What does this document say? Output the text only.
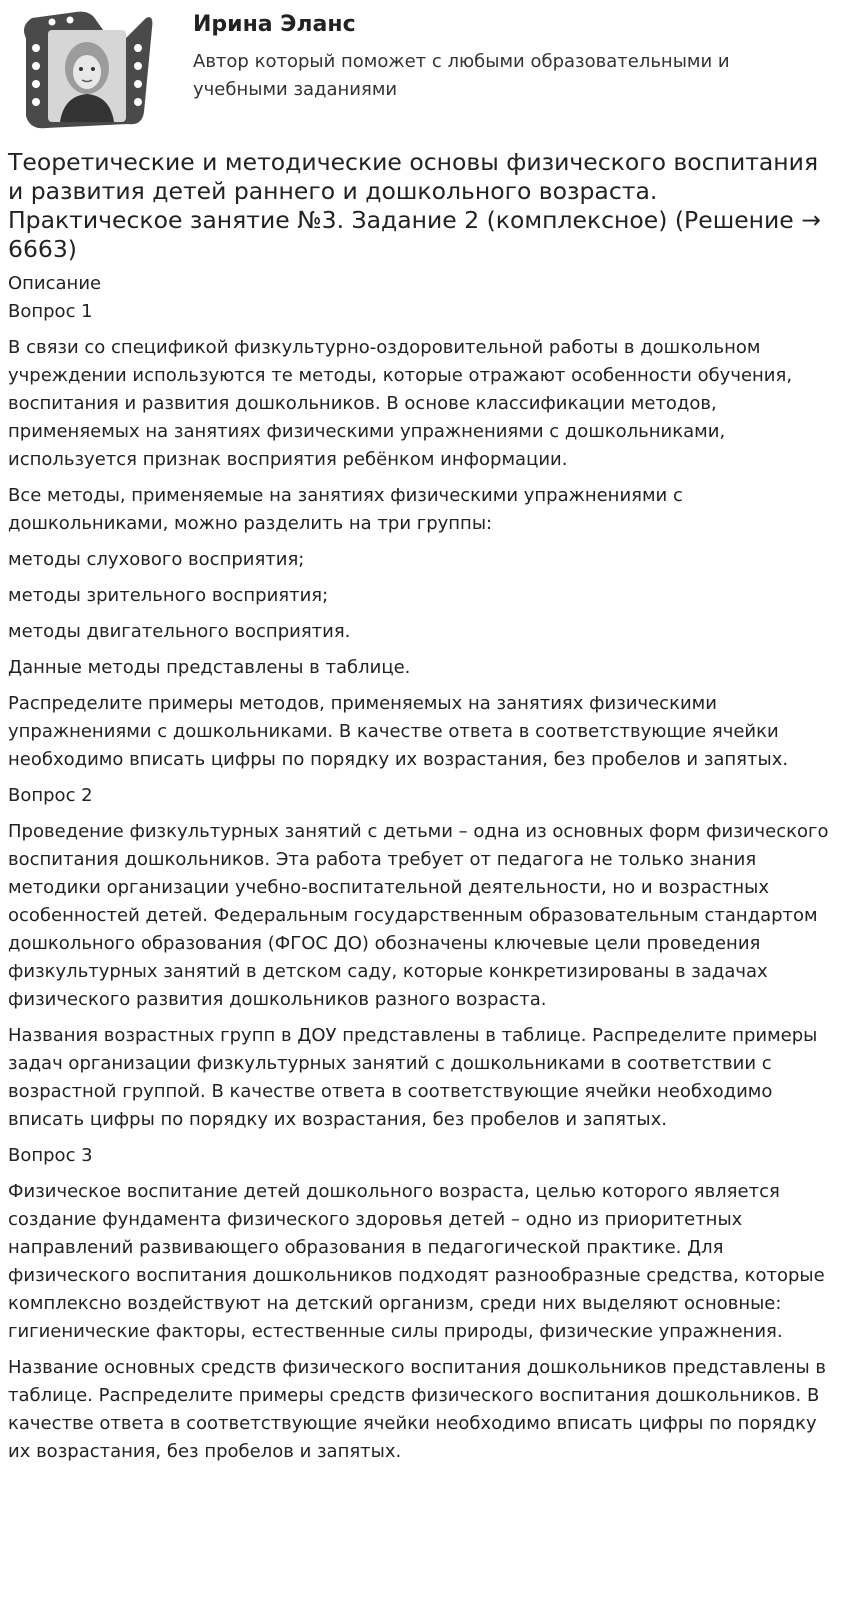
Ирина Эланс

Автор который поможет с любыми образовательными и учебными заданиями

Теоретические и методические основы физического воспитания и развития детей раннего и дошкольного возраста. Практическое занятие №3. Задание 2 (комплексное) (Решение → 6663)

Описание

Вопрос 1

В связи со спецификой физкультурно-оздоровительной работы в дошкольном учреждении используются те методы, которые отражают особенности обучения, воспитания и развития дошкольников. В основе классификации методов, применяемых на занятиях физическими упражнениями с дошкольниками, используется признак восприятия ребёнком информации.

Все методы, применяемые на занятиях физическими упражнениями с дошкольниками, можно разделить на три группы:

методы слухового восприятия;

методы зрительного восприятия;

методы двигательного восприятия.

Данные методы представлены в таблице.

Распределите примеры методов, применяемых на занятиях физическими упражнениями с дошкольниками. В качестве ответа в соответствующие ячейки необходимо вписать цифры по порядку их возрастания, без пробелов и запятых.

Вопрос 2

Проведение физкультурных занятий с детьми – одна из основных форм физического воспитания дошкольников. Эта работа требует от педагога не только знания методики организации учебно-воспитательной деятельности, но и возрастных особенностей детей. Федеральным государственным образовательным стандартом дошкольного образования (ФГОС ДО) обозначены ключевые цели проведения физкультурных занятий в детском саду, которые конкретизированы в задачах физического развития дошкольников разного возраста.

Названия возрастных групп в ДОУ представлены в таблице. Распределите примеры задач организации физкультурных занятий с дошкольниками в соответствии с возрастной группой. В качестве ответа в соответствующие ячейки необходимо вписать цифры по порядку их возрастания, без пробелов и запятых.

Вопрос 3

Физическое воспитание детей дошкольного возраста, целью которого является создание фундамента физического здоровья детей – одно из приоритетных направлений развивающего образования в педагогической практике. Для физического воспитания дошкольников подходят разнообразные средства, которые комплексно воздействуют на детский организм, среди них выделяют основные: гигиенические факторы, естественные силы природы, физические упражнения.

Название основных средств физического воспитания дошкольников представлены в таблице. Распределите примеры средств физического воспитания дошкольников. В качестве ответа в соответствующие ячейки необходимо вписать цифры по порядку их возрастания, без пробелов и запятых.
